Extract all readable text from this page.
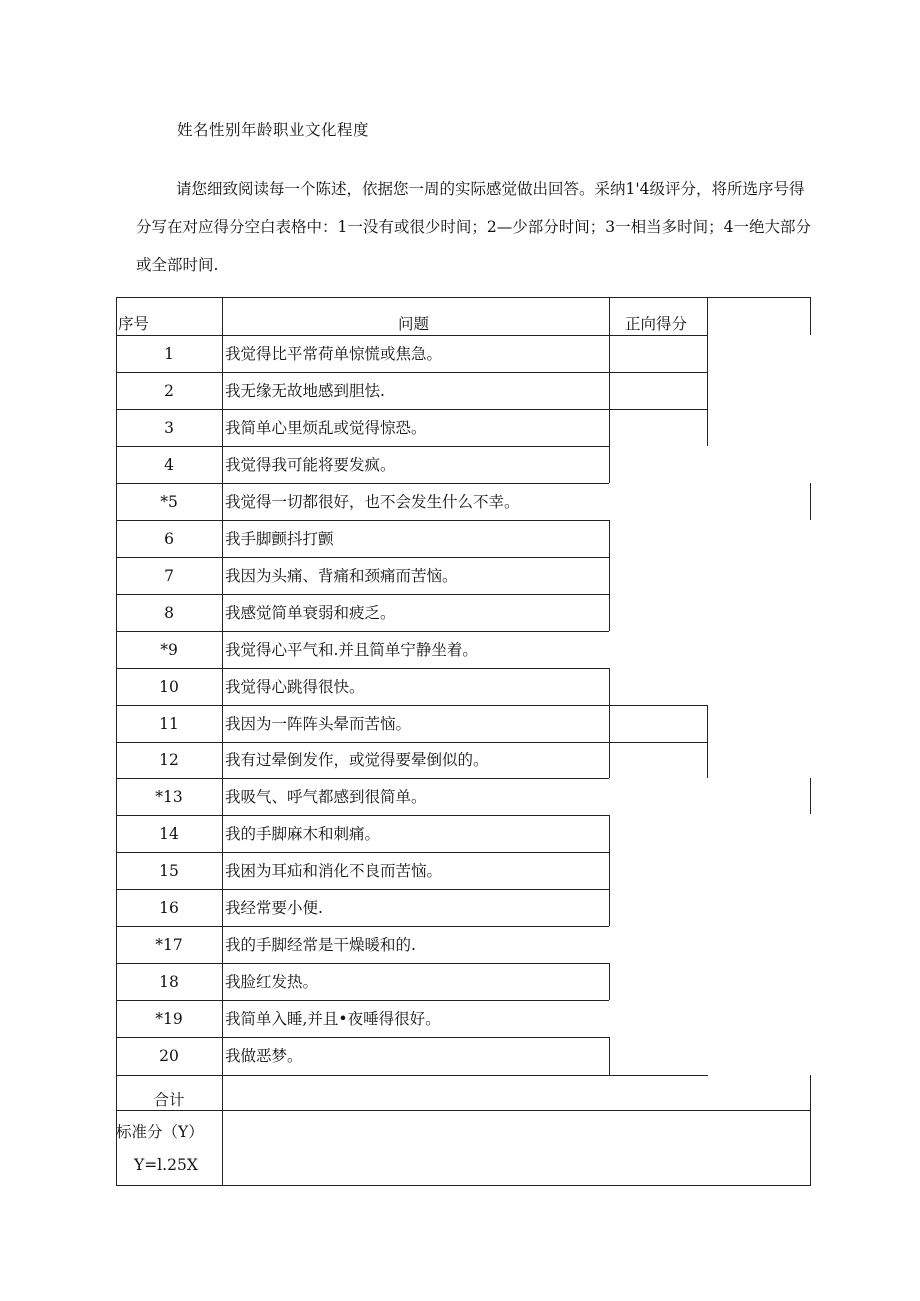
姓名性别年龄职业文化程度

请您细致阅读每一个陈述，依据您一周的实际感觉做出回答。采纳1'4级评分，将所选序号得分写在对应得分空白表格中：1一没有或很少时间；2—少部分时间；3一相当多时间；4一绝大部分或全部时间.

序号	问题	正向得分
1	我觉得比平常荷单惊慌或焦急。
2	我无缘无故地感到胆怯.
3	我简单心里烦乱或觉得惊恐。
4	我觉得我可能将要发疯。
*5	我觉得一切都很好，也不会发生什么不幸。
6	我手脚颤抖打颤
7	我因为头痛、背痛和颈痛而苦恼。
8	我感觉简单衰弱和疲乏。
*9	我觉得心平气和.并且简单宁静坐着。
10	我觉得心跳得很快。
11	我因为一阵阵头晕而苦恼。
12	我有过晕倒发作，或觉得要晕倒似的。
*13	我吸气、呼气都感到很简单。
14	我的手脚麻木和刺痛。
15	我困为耳疝和消化不良而苦恼。
16	我经常要小便.
*17	我的手脚经常是干燥暖和的.
18	我脸红发热。
*19	我简单入睡,并且•夜唾得很好。
20	我做恶梦。
合计
标准分（Y）
Y=l.25X
